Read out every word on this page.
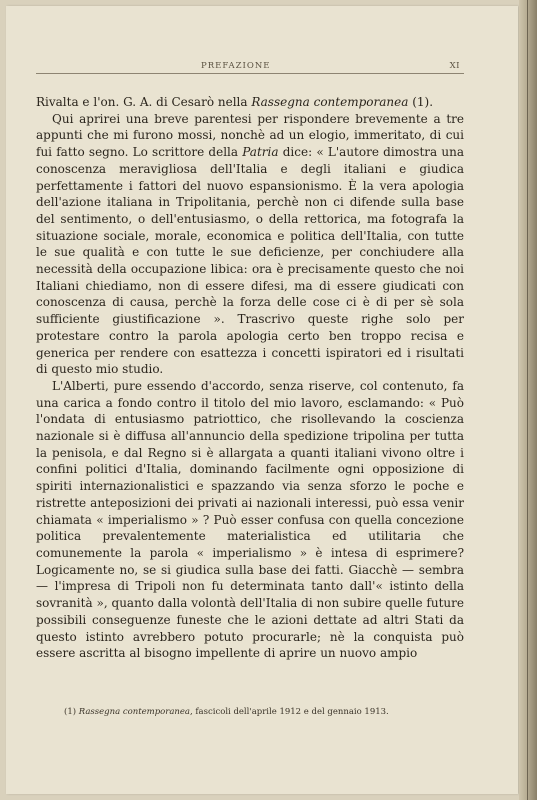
PREFAZIONE	XI

Rivalta e l'on. G. A. di Cesarò nella Rassegna contemporanea (1).

Qui aprirei una breve parentesi per rispondere brevemente a tre appunti che mi furono mossi, nonchè ad un elogio, immeritato, di cui fui fatto segno. Lo scrittore della Patria dice: « L'autore dimostra una conoscenza meravigliosa dell'Italia e degli italiani e giudica perfettamente i fattori del nuovo espansionismo. È la vera apologia dell'azione italiana in Tripolitania, perchè non ci difende sulla base del sentimento, o dell'entusiasmo, o della rettorica, ma fotografa la situazione sociale, morale, economica e politica dell'Italia, con tutte le sue qualità e con tutte le sue deficienze, per conchiudere alla necessità della occupazione libica: ora è precisamente questo che noi Italiani chiediamo, non di essere difesi, ma di essere giudicati con conoscenza di causa, perchè la forza delle cose ci è di per sè sola sufficiente giustificazione ». Trascrivo queste righe solo per protestare contro la parola apologia certo ben troppo recisa e generica per rendere con esattezza i concetti ispiratori ed i risultati di questo mio studio.

L'Alberti, pure essendo d'accordo, senza riserve, col contenuto, fa una carica a fondo contro il titolo del mio lavoro, esclamando: « Può l'ondata di entusiasmo patriottico, che risollevando la coscienza nazionale si è diffusa all'annuncio della spedizione tripolina per tutta la penisola, e dal Regno si è allargata a quanti italiani vivono oltre i confini politici d'Italia, dominando facilmente ogni opposizione di spiriti internazionalistici e spazzando via senza sforzo le poche e ristrette anteposizioni dei privati ai nazionali interessi, può essa venir chiamata « imperialismo » ? Può esser confusa con quella concezione politica prevalentemente materialistica ed utilitaria che comunemente la parola « imperialismo » è intesa di esprimere? Logicamente no, se si giudica sulla base dei fatti. Giacchè — sembra — l'impresa di Tripoli non fu determinata tanto dall'« istinto della sovranità », quanto dalla volontà dell'Italia di non subire quelle future possibili conseguenze funeste che le azioni dettate ad altri Stati da questo istinto avrebbero potuto procurarle; nè la conquista può essere ascritta al bisogno impellente di aprire un nuovo ampio

(1) Rassegna contemporanea, fascicoli dell'aprile 1912 e del gennaio 1913.
